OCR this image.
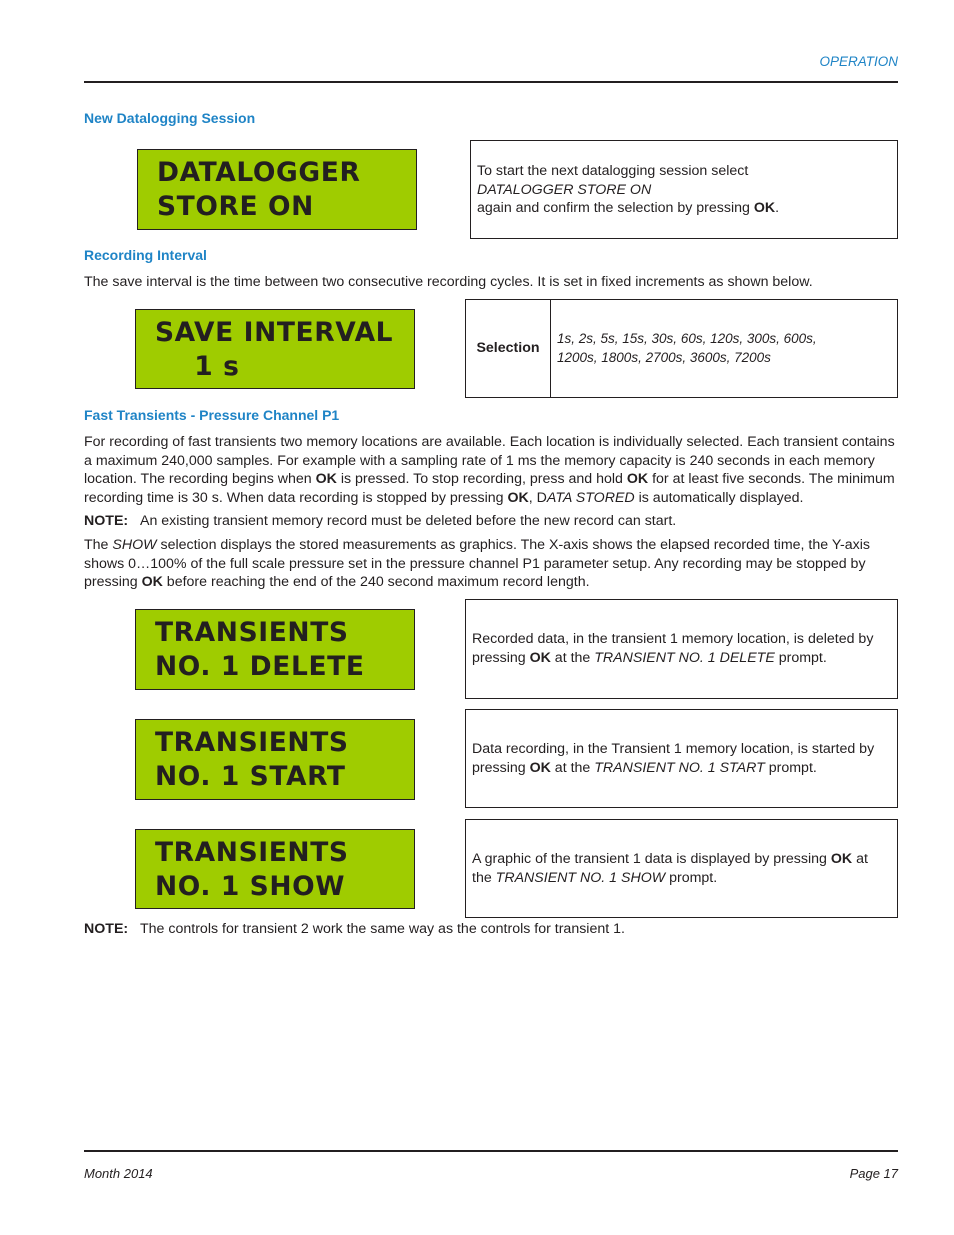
OPERATION
New Datalogging Session
DATALOGGER
STORE ON
To start the next datalogging session select
DATALOGGER STORE ON
again and confirm the selection by pressing OK.
Recording Interval
The save interval is the time between two consecutive recording cycles. It is set in fixed increments as shown below.
SAVE INTERVAL
1 s
Selection
1s, 2s, 5s, 15s, 30s, 60s, 120s, 300s, 600s,
1200s, 1800s, 2700s, 3600s, 7200s
Fast Transients - Pressure Channel P1
For recording of fast transients two memory locations are available. Each location is individually selected. Each transient contains a maximum 240,000 samples. For example with a sampling rate of 1 ms the memory capacity is 240 seconds in each memory location. The recording begins when OK is pressed. To stop recording, press and hold OK for at least five seconds. The minimum recording time is 30 s. When data recording is stopped by pressing OK, DATA STORED is automatically displayed.
NOTE: An existing transient memory record must be deleted before the new record can start.
The SHOW selection displays the stored measurements as graphics. The X-axis shows the elapsed recorded time, the Y-axis shows 0…100% of the full scale pressure set in the pressure channel P1 parameter setup. Any recording may be stopped by pressing OK before reaching the end of the 240 second maximum record length.
TRANSIENTS
NO. 1 DELETE
Recorded data, in the transient 1 memory location, is deleted by pressing OK at the TRANSIENT NO. 1 DELETE prompt.
TRANSIENTS
NO. 1 START
Data recording, in the Transient 1 memory location, is started by pressing OK at the TRANSIENT NO. 1 START prompt.
TRANSIENTS
NO. 1 SHOW
A graphic of the transient 1 data is displayed by pressing OK at the TRANSIENT NO. 1 SHOW prompt.
NOTE: The controls for transient 2 work the same way as the controls for transient 1.
Month 2014	Page 17
